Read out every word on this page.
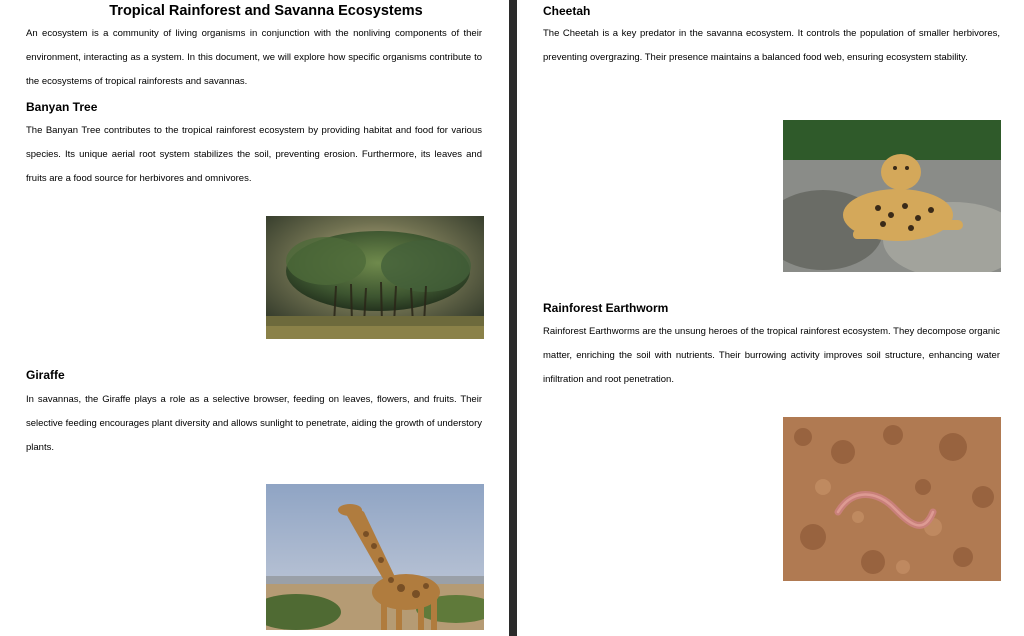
Tropical Rainforest and Savanna Ecosystems

An ecosystem is a community of living organisms in conjunction with the nonliving components of their environment, interacting as a system. In this document, we will explore how specific organisms contribute to the ecosystems of tropical rainforests and savannas.

Banyan Tree

The Banyan Tree contributes to the tropical rainforest ecosystem by providing habitat and food for various species. Its unique aerial root system stabilizes the soil, preventing erosion. Furthermore, its leaves and fruits are a food source for herbivores and omnivores.

Giraffe

In savannas, the Giraffe plays a role as a selective browser, feeding on leaves, flowers, and fruits. Their selective feeding encourages plant diversity and allows sunlight to penetrate, aiding the growth of understory plants.

Cheetah

The Cheetah is a key predator in the savanna ecosystem. It controls the population of smaller herbivores, preventing overgrazing. Their presence maintains a balanced food web, ensuring ecosystem stability.

Rainforest Earthworm

Rainforest Earthworms are the unsung heroes of the tropical rainforest ecosystem. They decompose organic matter, enriching the soil with nutrients. Their burrowing activity improves soil structure, enhancing water infiltration and root penetration.
